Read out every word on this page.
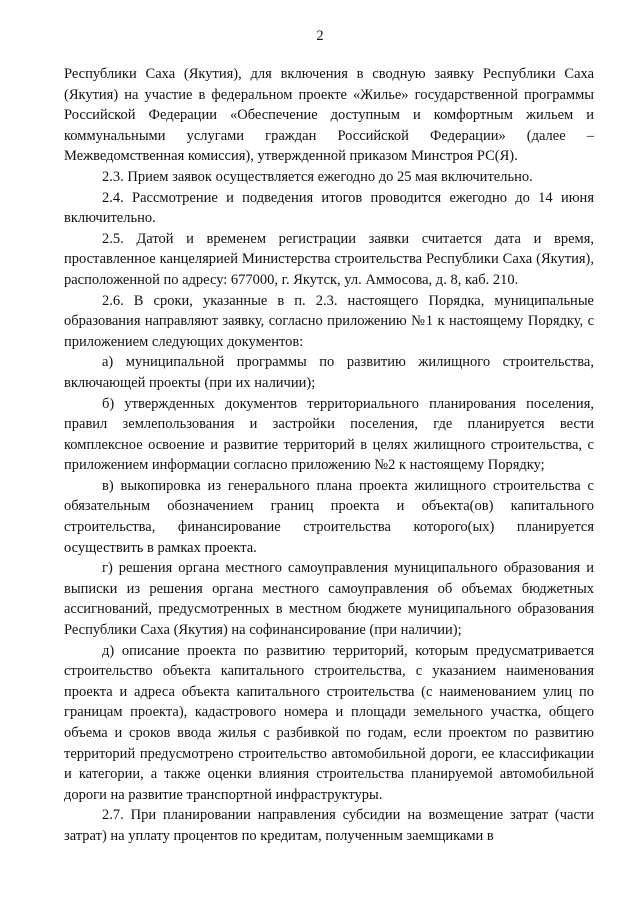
2

Республики Саха (Якутия), для включения в сводную заявку Республики Саха (Якутия) на участие в федеральном проекте «Жилье» государственной программы Российской Федерации «Обеспечение доступным и комфортным жильем и коммунальными услугами граждан Российской Федерации» (далее – Межведомственная комиссия), утвержденной приказом Минстроя РС(Я).

2.3. Прием заявок осуществляется ежегодно до 25 мая включительно.

2.4. Рассмотрение и подведения итогов проводится ежегодно до 14 июня включительно.

2.5. Датой и временем регистрации заявки считается дата и время, проставленное канцелярией Министерства строительства Республики Саха (Якутия), расположенной по адресу: 677000, г. Якутск, ул. Аммосова, д. 8, каб. 210.

2.6. В сроки, указанные в п. 2.3. настоящего Порядка, муниципальные образования направляют заявку, согласно приложению №1 к настоящему Порядку, с приложением следующих документов:

а) муниципальной программы по развитию жилищного строительства, включающей проекты (при их наличии);

б) утвержденных документов территориального планирования поселения, правил землепользования и застройки поселения, где планируется вести комплексное освоение и развитие территорий в целях жилищного строительства, с приложением информации согласно приложению №2 к настоящему Порядку;

в) выкопировка из генерального плана проекта жилищного строительства с обязательным обозначением границ проекта и объекта(ов) капитального строительства, финансирование строительства которого(ых) планируется осуществить в рамках проекта.

г) решения органа местного самоуправления муниципального образования и выписки из решения органа местного самоуправления об объемах бюджетных ассигнований, предусмотренных в местном бюджете муниципального образования Республики Саха (Якутия) на софинансирование (при наличии);

д) описание проекта по развитию территорий, которым предусматривается строительство объекта капитального строительства, с указанием наименования проекта и адреса объекта капитального строительства (с наименованием улиц по границам проекта), кадастрового номера и площади земельного участка, общего объема и сроков ввода жилья с разбивкой по годам, если проектом по развитию территорий предусмотрено строительство автомобильной дороги, ее классификации и категории, а также оценки влияния строительства планируемой автомобильной дороги на развитие транспортной инфраструктуры.

2.7. При планировании направления субсидии на возмещение затрат (части затрат) на уплату процентов по кредитам, полученным заемщиками в
